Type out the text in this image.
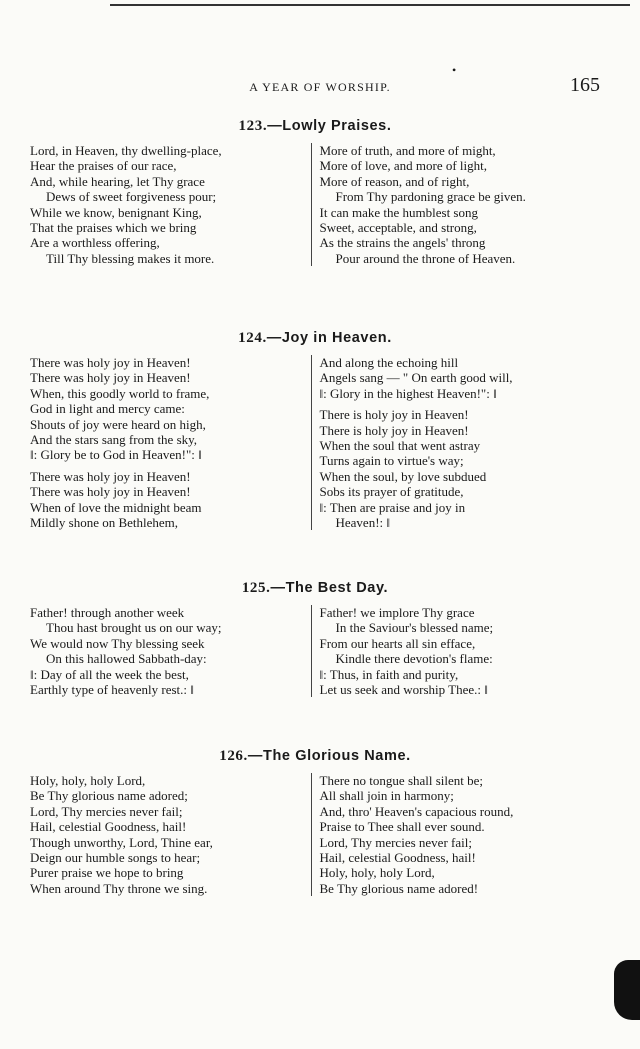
•
A YEAR OF WORSHIP.	165
123.—Lowly Praises.
Lord, in Heaven, thy dwelling-place,
Hear the praises of our race,
And, while hearing, let Thy grace
Dews of sweet forgiveness pour;
While we know, benignant King,
That the praises which we bring
Are a worthless offering,
Till Thy blessing makes it more.
More of truth, and more of might,
More of love, and more of light,
More of reason, and of right,
From Thy pardoning grace be given.
It can make the humblest song
Sweet, acceptable, and strong,
As the strains the angels' throng
Pour around the throne of Heaven.
124.—Joy in Heaven.
There was holy joy in Heaven!
There was holy joy in Heaven!
When, this goodly world to frame,
God in light and mercy came:
Shouts of joy were heard on high,
And the stars sang from the sky,
‖: Glory be to God in Heaven!": ‖
There was holy joy in Heaven!
There was holy joy in Heaven!
When of love the midnight beam
Mildly shone on Bethlehem,
And along the echoing hill
Angels sang — " On earth good will,
‖: Glory in the highest Heaven!": ‖
There is holy joy in Heaven!
There is holy joy in Heaven!
When the soul that went astray
Turns again to virtue's way;
When the soul, by love subdued
Sobs its prayer of gratitude,
‖: Then are praise and joy in
Heaven!: ‖
125.—The Best Day.
Father! through another week
Thou hast brought us on our way;
We would now Thy blessing seek
On this hallowed Sabbath-day:
‖: Day of all the week the best,
Earthly type of heavenly rest.: ‖
Father! we implore Thy grace
In the Saviour's blessed name;
From our hearts all sin efface,
Kindle there devotion's flame:
‖: Thus, in faith and purity,
Let us seek and worship Thee.: ‖
126.—The Glorious Name.
Holy, holy, holy Lord,
Be Thy glorious name adored;
Lord, Thy mercies never fail;
Hail, celestial Goodness, hail!
Though unworthy, Lord, Thine ear,
Deign our humble songs to hear;
Purer praise we hope to bring
When around Thy throne we sing.
There no tongue shall silent be;
All shall join in harmony;
And, thro' Heaven's capacious round,
Praise to Thee shall ever sound.
Lord, Thy mercies never fail;
Hail, celestial Goodness, hail!
Holy, holy, holy Lord,
Be Thy glorious name adored!
